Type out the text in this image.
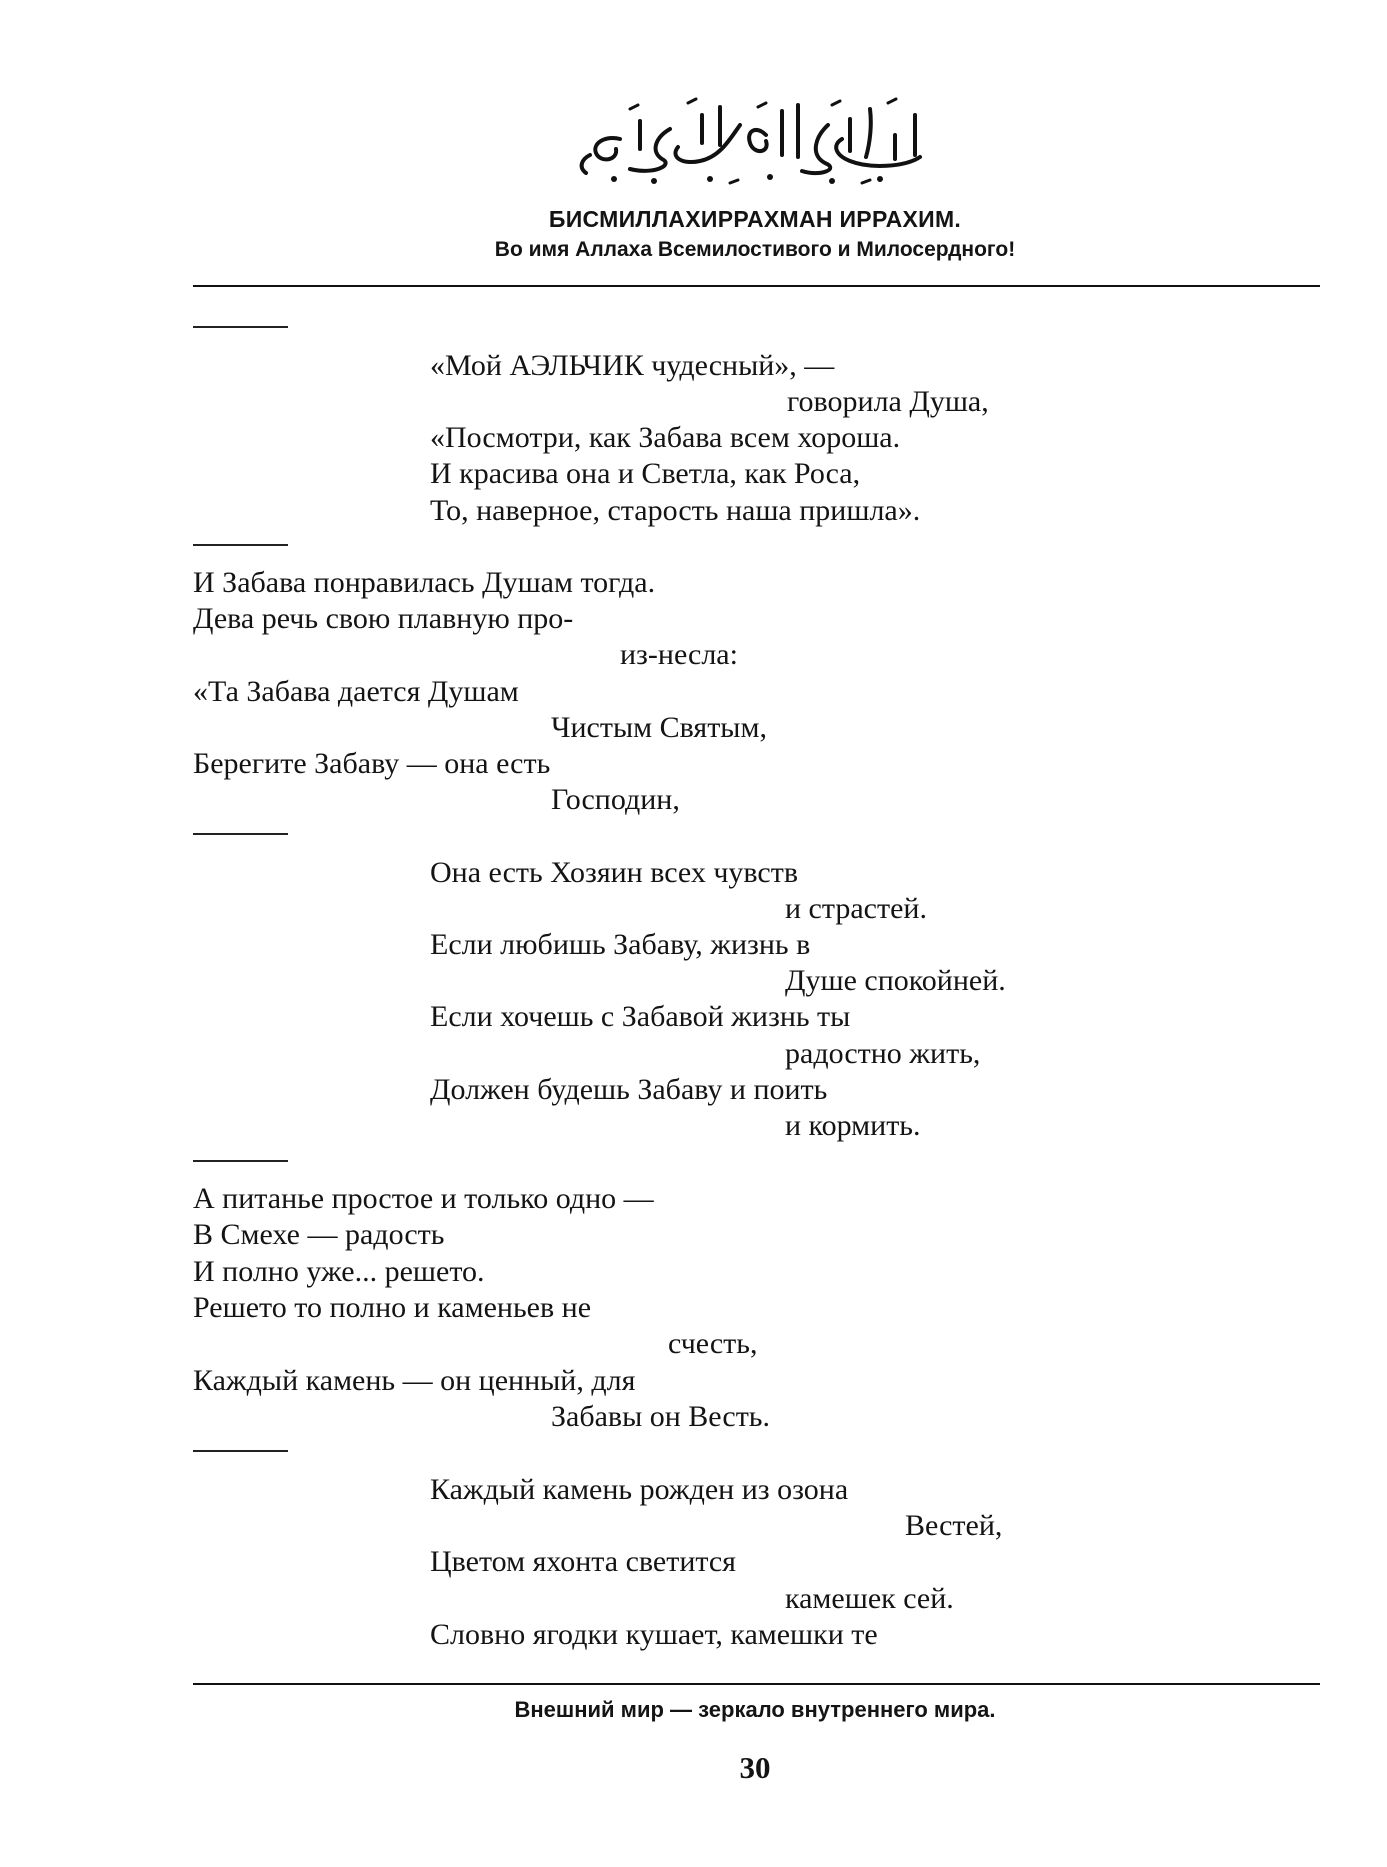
БИСМИЛЛАХИРРАХМАН ИРРАХИМ.
Во имя Аллаха Всемилостивого и Милосердного!
«Мой АЭЛЬЧИК чудесный», —
говорила Душа,
«Посмотри, как Забава всем хороша.
И красива она и Светла, как Роса,
То, наверное, старость наша пришла».
И Забава понравилась Душам тогда.
Дева речь свою плавную про-
из-несла:
«Та Забава дается Душам
Чистым Святым,
Берегите Забаву — она есть
Господин,
Она есть Хозяин всех чувств
и страстей.
Если любишь Забаву, жизнь в
Душе спокойней.
Если хочешь с Забавой жизнь ты
радостно жить,
Должен будешь Забаву и поить
и кормить.
А питанье простое и только одно —
В Смехе — радость
И полно уже... решето.
Решето то полно и каменьев не
счесть,
Каждый камень — он ценный, для
Забавы он Весть.
Каждый камень рожден из озона
Вестей,
Цветом яхонта светится
камешек сей.
Словно ягодки кушает, камешки те
Внешний мир — зеркало внутреннего мира.
30
